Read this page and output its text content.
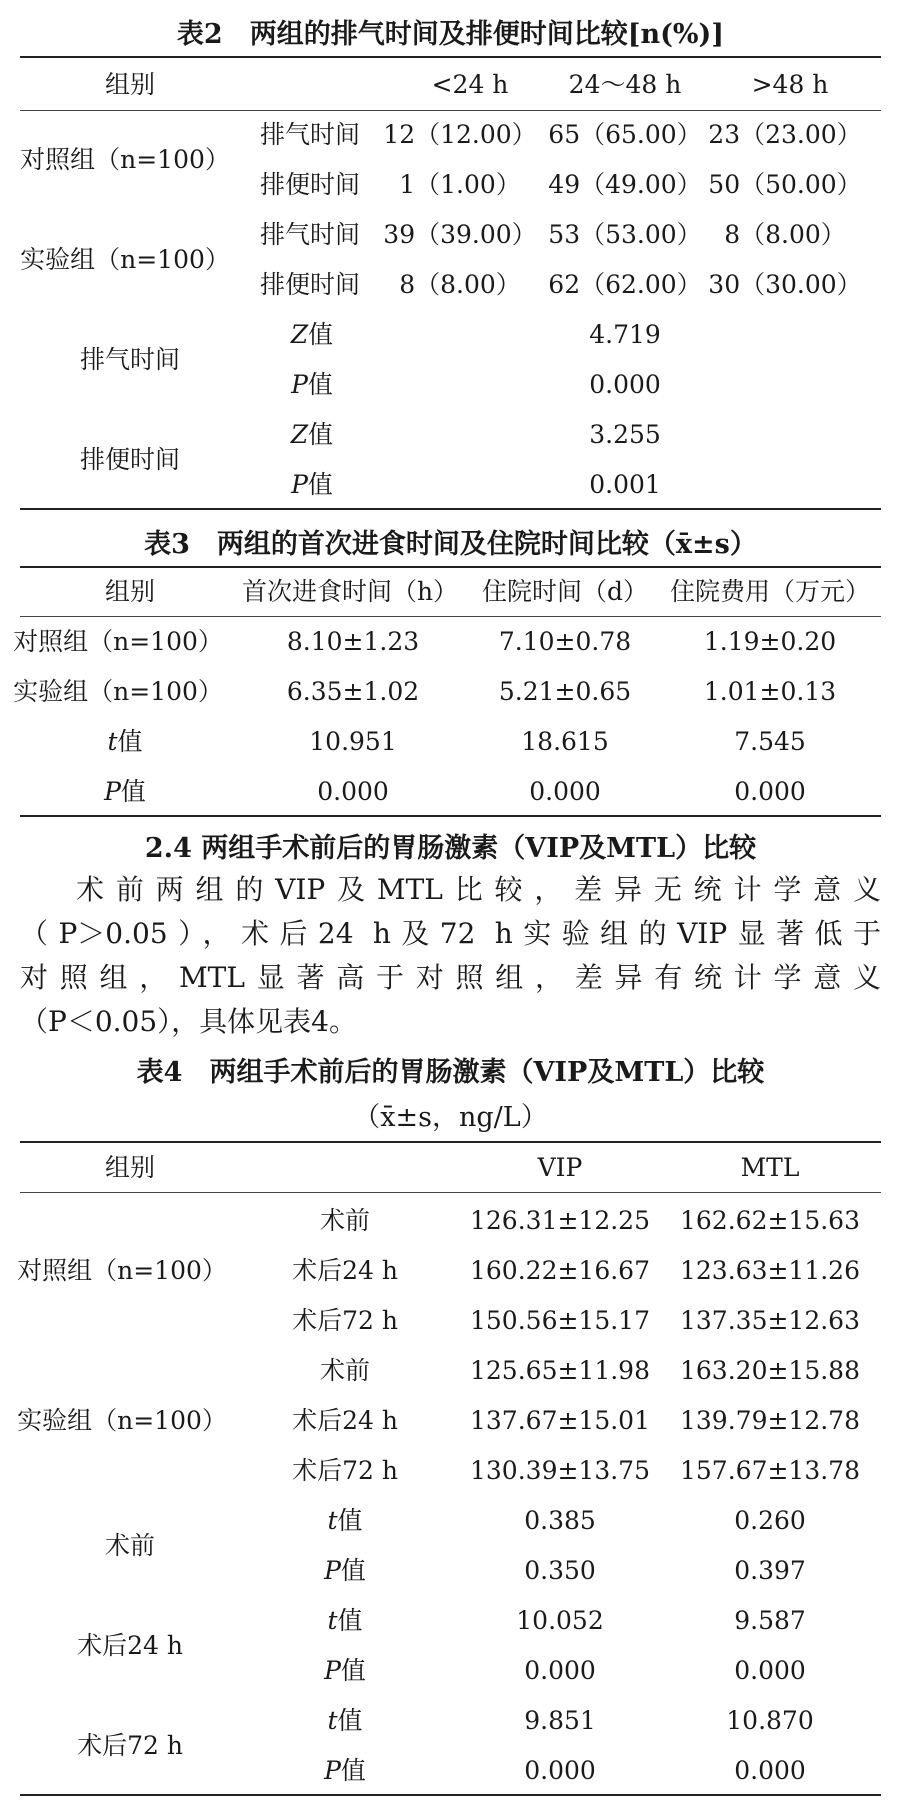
表2　两组的排气时间及排便时间比较[n(%)]
组别	<24 h 24～48 h	>48 h
对照组（n=100）
排气时间 12（12.00） 65（65.00） 23（23.00）
排便时间 1（1.00） 49（49.00） 50（50.00）
实验组（n=100）
排气时间 39（39.00） 53（53.00） 8（8.00）
排便时间 8（8.00） 62（62.00） 30（30.00）
排气时间
Z值	4.719
P值	0.000
排便时间
Z值	3.255
P值	0.001
表3　两组的首次进食时间及住院时间比较（x̄±s）
组别	首次进食时间（h） 住院时间（d） 住院费用（万元）
对照组（n=100）	8.10±1.23	7.10±0.78	1.19±0.20
实验组（n=100）	6.35±1.02	5.21±0.65	1.01±0.13
t值	10.951	18.615	7.545
P值	0.000	0.000	0.000
2.4 两组手术前后的胃肠激素（VIP及MTL）比较
术前两组的VIP及MTL比较，差异无统计学意义
（P＞0.05），术后24 h及72 h实验组的VIP显著低于
对照组，MTL显著高于对照组，差异有统计学意义
（P＜0.05），具体见表4。
表4　两组手术前后的胃肠激素（VIP及MTL）比较
（x̄±s，ng/L）
组别	VIP	MTL
对照组（n=100）
术前	126.31±12.25 162.62±15.63
术后24 h	160.22±16.67 123.63±11.26
术后72 h	150.56±15.17 137.35±12.63
实验组（n=100）
术前	125.65±11.98 163.20±15.88
术后24 h	137.67±15.01 139.79±12.78
术后72 h	130.39±13.75 157.67±13.78
术前
t值	0.385	0.260
P值	0.350	0.397
术后24 h
t值	10.052	9.587
P值	0.000	0.000
术后72 h
t值	9.851	10.870
P值	0.000	0.000
